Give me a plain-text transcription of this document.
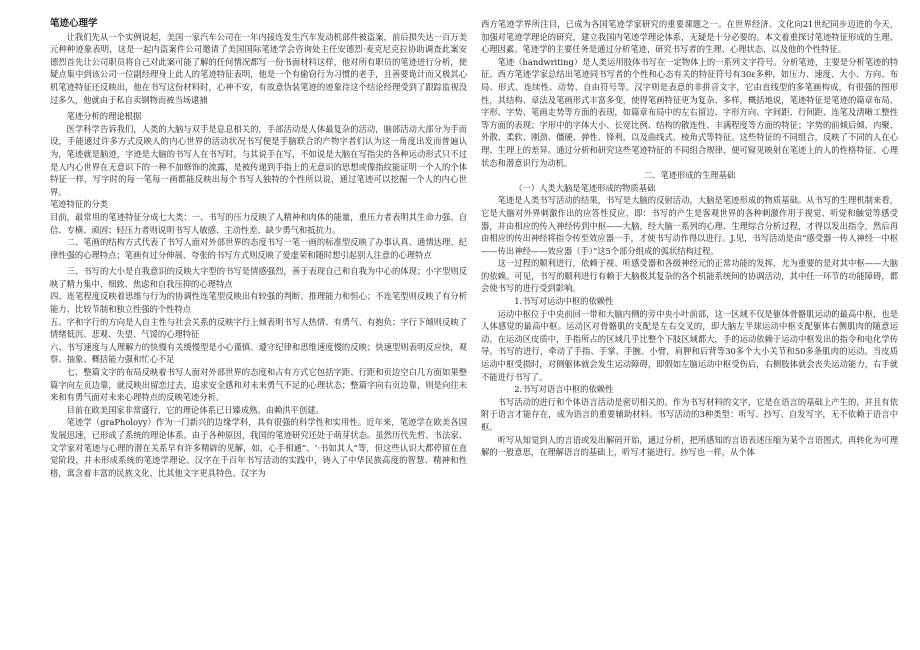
笔迹心理学

让我们先从一个实例说起，美国一家汽车公司在一年内接连发生汽车发动机部件被盗案，前后损失达一百万美元种种迹象表明，这是一起内盗案件公司邀请了美国国际笔迹学会咨询处主任安德烈·麦克尼克拉协助调查此案安德烈首先让公司职员将自己对此案可能了解的任何情况都写一份书面材料这样，他对所有职员的笔迹进行分析，使疑点集中到该公司一位副经理身上此人的笔迹特征表明，他是一个有偷窃行为习惯的老手，且善要诡计而又极其心机笔迹特征还反映出，他在书写这份材料时，心神不安，有故意伪装笔迹的迹象待这个结论经理受到了跟踪监视没过多久，他就由于私自卖钢物而被当场逮捕

笔迹分析的理论根据

医学科学告诉我们，人类的大脑与双手是息息相关的，手部活动是人体最复杂的活动，脑部活动大部分为手而设，手能通过许多方式反映人的内心世界的活动状况书写便是手脑联合的产物字者们认为这一角度出发而普遍认为，笔迹就是脑迹，字迹是大脑的书写人在书写时，与其说手在写，不如说是大脑在写指尖的各种运动形式只不过是人内心世界在无意识下的一种不加修饰的流露，是被传递到手指上的无意识的思想或像指纹能证明一个人的个体特征一样，写字时的每一笔每一画都能反映出每个书写人独特的个性所以说，通过笔迹可以挖掘一个人的内心世界。

笔迹特征的分类

目前，最常用的笔迹特征分成七大类：一、书写的压力反映了人精神和肉体的能量，重压力者表明其生命力强、自信、专横、顽固；轻压力者则说明书写人敏感、主动性差、缺少勇气和抵抗力。

二、笔画的结构方式代表了书写人面对外部世界的态度书写一笔一画的标准型反映了办事认真、通情达理、纪律性强的心理特点；笔画有过分伸展、夸张的书写方式则反映了爱虚荣和随时想引起别人注意的心理特点

三、书写的大小是自我意识的反映大字型的书写是情感强烈，善于表现自己和自我为中心的体现；小字型则反映了精力集中、细致、焦虑和自我压抑的心理特点

四、连笔程度反映着思维与行为的协调性连笔型反映出有较强的判断、推理能力和恒心；不连笔型则反映了有分析能力、比较节制和独立性强的个性特点

五、字和字行的方向是人自主性与社会关系的反映字行上倾表明书写人热情、有勇气、有抱负；字行下倾则反映了情绪低沉、悲观、失望、气馁的心理特征

六、书写速度与人理解力的快慢有关缓慢型是小心谨慎、遵守纪律和思维速度慢的反映；快速型则表明反应快，观察、抽象、概括能力强和忙心不足

七、整篇文字的布局反映着书写人面对外部世界的态度和占有方式它包括字距、行距和页边空白几方面如果整篇字向左页边靠，就反映出留恋过去，追求安全感和对未来勇气不足的心理状态；整篇字向右页边靠，则是向往未来和有勇气面对未来心理特点的反映笔迹分析。

目前在欧美国家非常盛行，它的理论体系已日臻成熟。由赖洪平创建。

笔迹学（graPholoyy）作为一门新兴的边缘学科，具有很强的科学性和实用性。近年来，笔迹学在欧美各国发展迅速，已形成了系统的理论体系。由于各种原因，我国的笔迹研究还处于萌芽状态。虽然历代先哲、书法家、文学家对笔迹与心理的潜在关系早有许多精辟的见解，如，心手相通”、‘·书如其人”等，但这些认识大都停留在直觉阶段，并未形成系统的笔迹学理论。汉字在千百年书写活动的实践中，铸入了中华民族高度的智慧、精神和性格，寓含着丰富的民族文化，比其他文字更具特色。汉字为

西方笔迹学界所注目，已成为各国笔迹学家研究的重要课题之一。在世界经济、文化向21世纪同步迈进的今天，加强对笔迹学理论的研究，建立我国内笔迹学理论体系，无疑是十分必要的。本文着重探讨笔迹特征形成的生理、心理因素。笔迹学的主要任务是通过分析笔迹，研究书写者的生理、心理状态，以及他的个性特征。

笔迹（handwriting）是人类运用肢体书写在一定物体上的一系列文字符号。分析笔迹，主要是分析笔迹的特征。西方笔迹学家总结出笔迹同书写者的个性和心态有关的特征符号有30ε多种，如压力、速度、大小、方向、布局、形式、连续性、动势、自由符号等。汉字则是表意的非拼音文字，它由直线型的多笔画构成，有很强的图形性，其结构、章法及笔画形式丰富多变，使得笔画特征更为复杂、多样。概括地说，笔迹特征是笔迹的篇章布局、字形、字势、笔画走势等方面的表现，如篇章布局中的左右留边、字形方向、字间距、行间距、连笔及清晰工整性等方面的表现；字形中的字体大小、长宽比例、结构的散连性、丰满程度等方面的特征；字势的前倾后倾、内聚、外散、柔软、刚劲、僵硬、弹性、锋利，以及曲线式、棱角式等特征。这些特征的不同组合，反映了不同的人在心理、生理上的差异。通过分析和研究这些笔迹特征的不同组合规律，便可窥见映射在笔迹上的人的性格特征、心理状态和潜意识行为动机。

二、笔迹形成的生理基础

（一）人类大脑是笔迹形成的物质基础

笔迹是人类书写活动的结果，书写是大脑的反射活动，大脑是笔迹形成的物质基础。从书写的生理机制来看，它是大脑对外界刺激作出的应答性反应，即：书写的产生是客观世界的各种刺激作用于视觉、听觉和触觉等感受器，并由相应的传入神经传到中枢——大脑，经大脑一系列的心理、生理综合分析过程，才得以发出指令，然后再由相应的传出神经将指令传至效应器一手，才使书写动作得以进行。J.见，书写活动是由“感受器一传入神经一中枢——传出神经——效应器（手）”这5个部分组成的弧状结构过程。

这一过程的顺利进行，依赖于视、听感受器和各级神经元的正常功能的发挥，尤为重要的是对其中枢——大脑的依赖。可见，书写的顺利进行有赖于大脑极其复杂的各个机能系统间的协调活动，其中任一环节的功能障碍，都会使书写的进行受到影响。

1.书写对运动中枢的依赖性

运动中枢位于中央前回一带和大脑内侧的旁中央小叶前部，这一区域不仅是躯体骨骼肌运动的最高中枢，也是人体感觉的最高中枢。运动区对骨骼肌的支配是左右交叉的，即大脑左半球运动中枢支配躯体右侧肌肉的随意运动。在运动区皮质中，手指所占的区域几乎比整个下肢区域都大，手的运动依赖于运动中枢发出的指令和电化学传导。书写的进行，牵动了手指、手掌、手腕、小臂，肩胛和后背等30多个大小关节和50多条肌肉的运动。当皮质运动中枢受损时，对侧躯体就会发生运动障碍，即假如左脑运动中枢受伤后，右侧肢体就会丧失运动能力，右手就不能进行书写了。

2.书写对语言中枢的依赖性

书写活动的进行和个体语言活动是密切相关的。作为书写材料的文字，它是在语言的基础上产生的，并且有依附于语言才能存在，成为语言的重要辅助材料。书写活动的3种类型：听写、抄写、自发写字，无不依赖于语言中枢。

听写从知觉到人的言语或发出解码开始，通过分析，把所感知的言语表述压缩为某个言语图式，再转化为可理解的一般意思，在理解语言的基础上，听写才能进行。抄写也一样，从个体
